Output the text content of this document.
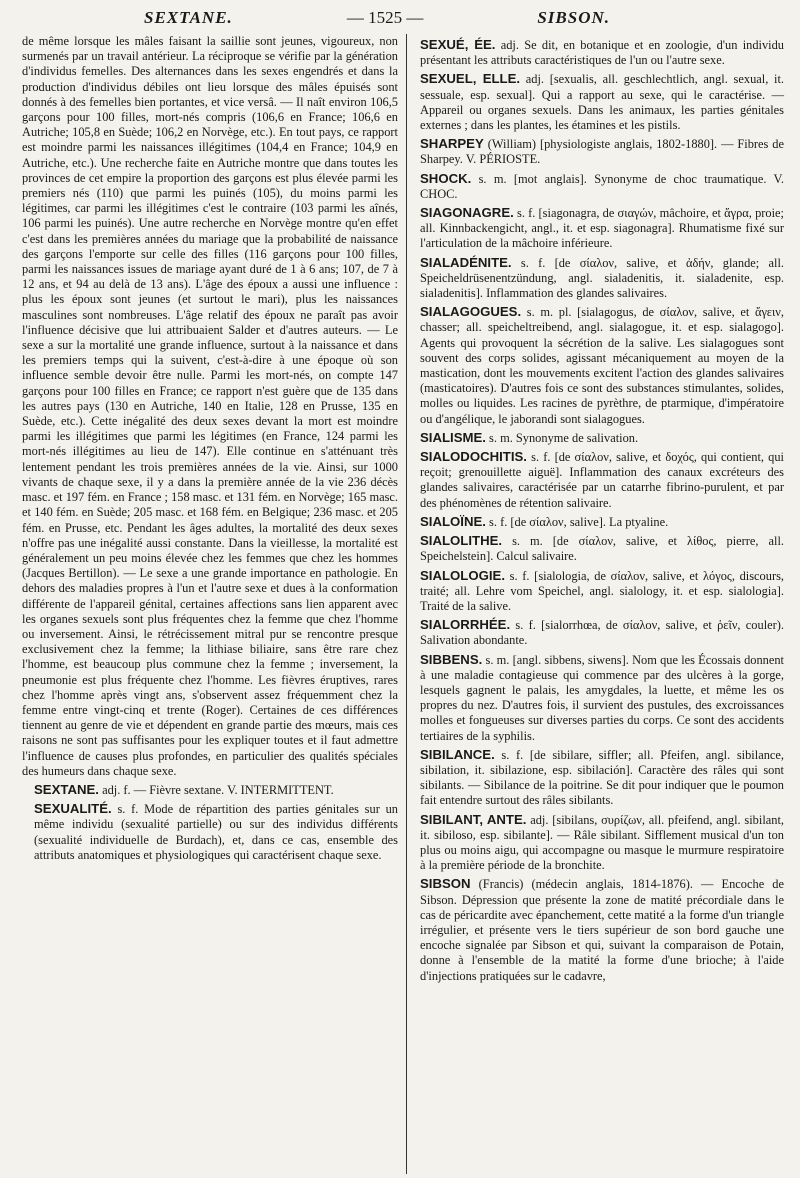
SEXTANE.	— 1525 —	SIBSON.

de même lorsque les mâles faisant la saillie sont jeunes, vigoureux, non surmenés par un travail antérieur. La réciproque se vérifie par la génération d'individus femelles. Des alternances dans les sexes engendrés et dans la production d'individus débiles ont lieu lorsque des mâles épuisés sont donnés à des femelles bien portantes, et vice versâ. — Il naît environ 106,5 garçons pour 100 filles, mort-nés compris (106,6 en France; 106,6 en Autriche; 105,8 en Suède; 106,2 en Norvège, etc.). En tout pays, ce rapport est moindre parmi les naissances illégitimes (104,4 en France; 104,9 en Autriche, etc.). Une recherche faite en Autriche montre que dans toutes les provinces de cet empire la proportion des garçons est plus élevée parmi les premiers nés (110) que parmi les puinés (105), du moins parmi les légitimes, car parmi les illégitimes c'est le contraire (103 parmi les aînés, 106 parmi les puinés). Une autre recherche en Norvège montre qu'en effet c'est dans les premières années du mariage que la probabilité de naissance des garçons l'emporte sur celle des filles (116 garçons pour 100 filles, parmi les naissances issues de mariage ayant duré de 1 à 6 ans; 107, de 7 à 12 ans, et 94 au delà de 13 ans). L'âge des époux a aussi une influence : plus les époux sont jeunes (et surtout le mari), plus les naissances masculines sont nombreuses. L'âge relatif des époux ne paraît pas avoir l'influence décisive que lui attribuaient Salder et d'autres auteurs. — Le sexe a sur la mortalité une grande influence, surtout à la naissance et dans les premiers temps qui la suivent, c'est-à-dire à une époque où son influence semble devoir être nulle. Parmi les mort-nés, on compte 147 garçons pour 100 filles en France; ce rapport n'est guère que de 135 dans les autres pays (130 en Autriche, 140 en Italie, 128 en Prusse, 135 en Suède, etc.). Cette inégalité des deux sexes devant la mort est moindre parmi les illégitimes que parmi les légitimes (en France, 124 parmi les mort-nés illégitimes au lieu de 147). Elle continue en s'atténuant très lentement pendant les trois premières années de la vie. Ainsi, sur 1000 vivants de chaque sexe, il y a dans la première année de la vie 236 décès masc. et 197 fém. en France ; 158 masc. et 131 fém. en Norvège; 165 masc. et 140 fém. en Suède; 205 masc. et 168 fém. en Belgique; 236 masc. et 205 fém. en Prusse, etc. Pendant les âges adultes, la mortalité des deux sexes n'offre pas une inégalité aussi constante. Dans la vieillesse, la mortalité est généralement un peu moins élevée chez les femmes que chez les hommes (Jacques Bertillon). — Le sexe a une grande importance en pathologie. En dehors des maladies propres à l'un et l'autre sexe et dues à la conformation différente de l'appareil génital, certaines affections sans lien apparent avec les organes sexuels sont plus fréquentes chez la femme que chez l'homme ou inversement. Ainsi, le rétrécissement mitral pur se rencontre presque exclusivement chez la femme; la lithiase biliaire, sans être rare chez l'homme, est beaucoup plus commune chez la femme ; inversement, la pneumonie est plus fréquente chez l'homme. Les fièvres éruptives, rares chez l'homme après vingt ans, s'observent assez fréquemment chez la femme entre vingt-cinq et trente (Roger). Certaines de ces différences tiennent au genre de vie et dépendent en grande partie des mœurs, mais ces raisons ne sont pas suffisantes pour les expliquer toutes et il faut admettre l'influence de causes plus profondes, en particulier des qualités spéciales des humeurs dans chaque sexe.

SEXTANE. adj. f. — Fièvre sextane. V. INTERMITTENT.

SEXUALITÉ. s. f. Mode de répartition des parties génitales sur un même individu (sexualité partielle) ou sur des individus différents (sexualité individuelle de Burdach), et, dans ce cas, ensemble des attributs anatomiques et physiologiques qui caractérisent chaque sexe.

SEXUÉ, ÉE. adj. Se dit, en botanique et en zoologie, d'un individu présentant les attributs caractéristiques de l'un ou l'autre sexe.

SEXUEL, ELLE. adj. [sexualis, all. geschlechtlich, angl. sexual, it. sessuale, esp. sexual]. Qui a rapport au sexe, qui le caractérise. — Appareil ou organes sexuels. Dans les animaux, les parties génitales externes ; dans les plantes, les étamines et les pistils.

SHARPEY (William) [physiologiste anglais, 1802-1880]. — Fibres de Sharpey. V. PÉRIOSTE.

SHOCK. s. m. [mot anglais]. Synonyme de choc traumatique. V. CHOC.

SIAGONAGRE. s. f. [siagonagra, de σιαγών, mâchoire, et ἄγρα, proie; all. Kinnbackengicht, angl., it. et esp. siagonagra]. Rhumatisme fixé sur l'articulation de la mâchoire inférieure.

SIALADÉNITE. s. f. [de σίαλον, salive, et ἀδήν, glande; all. Speicheldrüsenentzündung, angl. sialadenitis, it. sialadenite, esp. sialadenitis]. Inflammation des glandes salivaires.

SIALAGOGUES. s. m. pl. [sialagogus, de σίαλον, salive, et ἄγειν, chasser; all. speicheltreibend, angl. sialagogue, it. et esp. sialagogo]. Agents qui provoquent la sécrétion de la salive. Les sialagogues sont souvent des corps solides, agissant mécaniquement au moyen de la mastication, dont les mouvements excitent l'action des glandes salivaires (masticatoires). D'autres fois ce sont des substances stimulantes, solides, molles ou liquides. Les racines de pyrèthre, de ptarmique, d'impératoire ou d'angélique, le jaborandi sont sialagogues.

SIALISME. s. m. Synonyme de salivation.

SIALODOCHITIS. s. f. [de σίαλον, salive, et δοχός, qui contient, qui reçoit; grenouillette aiguë]. Inflammation des canaux excréteurs des glandes salivaires, caractérisée par un catarrhe fibrino-purulent, et par des phénomènes de rétention salivaire.

SIALOÏNE. s. f. [de σίαλον, salive]. La ptyaline.

SIALOLITHE. s. m. [de σίαλον, salive, et λίθος, pierre, all. Speichelstein]. Calcul salivaire.

SIALOLOGIE. s. f. [sialologia, de σίαλον, salive, et λόγος, discours, traité; all. Lehre vom Speichel, angl. sialology, it. et esp. sialologia]. Traité de la salive.

SIALORRHÉE. s. f. [sialorrhœa, de σίαλον, salive, et ῥεῖν, couler). Salivation abondante.

SIBBENS. s. m. [angl. sibbens, siwens]. Nom que les Écossais donnent à une maladie contagieuse qui commence par des ulcères à la gorge, lesquels gagnent le palais, les amygdales, la luette, et même les os propres du nez. D'autres fois, il survient des pustules, des excroissances molles et fongueuses sur diverses parties du corps. Ce sont des accidents tertiaires de la syphilis.

SIBILANCE. s. f. [de sibilare, siffler; all. Pfeifen, angl. sibilance, sibilation, it. sibilazione, esp. sibilación]. Caractère des râles qui sont sibilants. — Sibilance de la poitrine. Se dit pour indiquer que le poumon fait entendre surtout des râles sibilants.

SIBILANT, ANTE. adj. [sibilans, συρίζων, all. pfeifend, angl. sibilant, it. sibiloso, esp. sibilante]. — Râle sibilant. Sifflement musical d'un ton plus ou moins aigu, qui accompagne ou masque le murmure respiratoire à la première période de la bronchite.

SIBSON (Francis) (médecin anglais, 1814-1876). — Encoche de Sibson. Dépression que présente la zone de matité précordiale dans le cas de péricardite avec épanchement, cette matité a la forme d'un triangle irrégulier, et présente vers le tiers supérieur de son bord gauche une encoche signalée par Sibson et qui, suivant la comparaison de Potain, donne à l'ensemble de la matité la forme d'une brioche; à l'aide d'injections pratiquées sur le cadavre,
